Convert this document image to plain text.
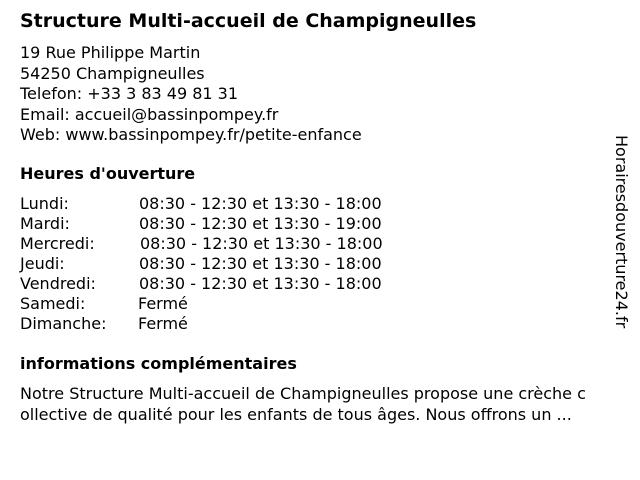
Structure Multi-accueil de Champigneulles
19 Rue Philippe Martin
54250 Champigneulles
Telefon: +33 3 83 49 81 31
Email: accueil@bassinpompey.fr
Web: www.bassinpompey.fr/petite-enfance
Heures d'ouverture
Lundi:	08:30 - 12:30 et 13:30 - 18:00
Mardi:	08:30 - 12:30 et 13:30 - 19:00
Mercredi:	08:30 - 12:30 et 13:30 - 18:00
Jeudi:	08:30 - 12:30 et 13:30 - 18:00
Vendredi:	08:30 - 12:30 et 13:30 - 18:00
Samedi:	Fermé
Dimanche: Fermé
informations complémentaires
Notre Structure Multi-accueil de Champigneulles propose une crèche c
ollective de qualité pour les enfants de tous âges. Nous offrons un ...
Horairesdouverture24.fr
